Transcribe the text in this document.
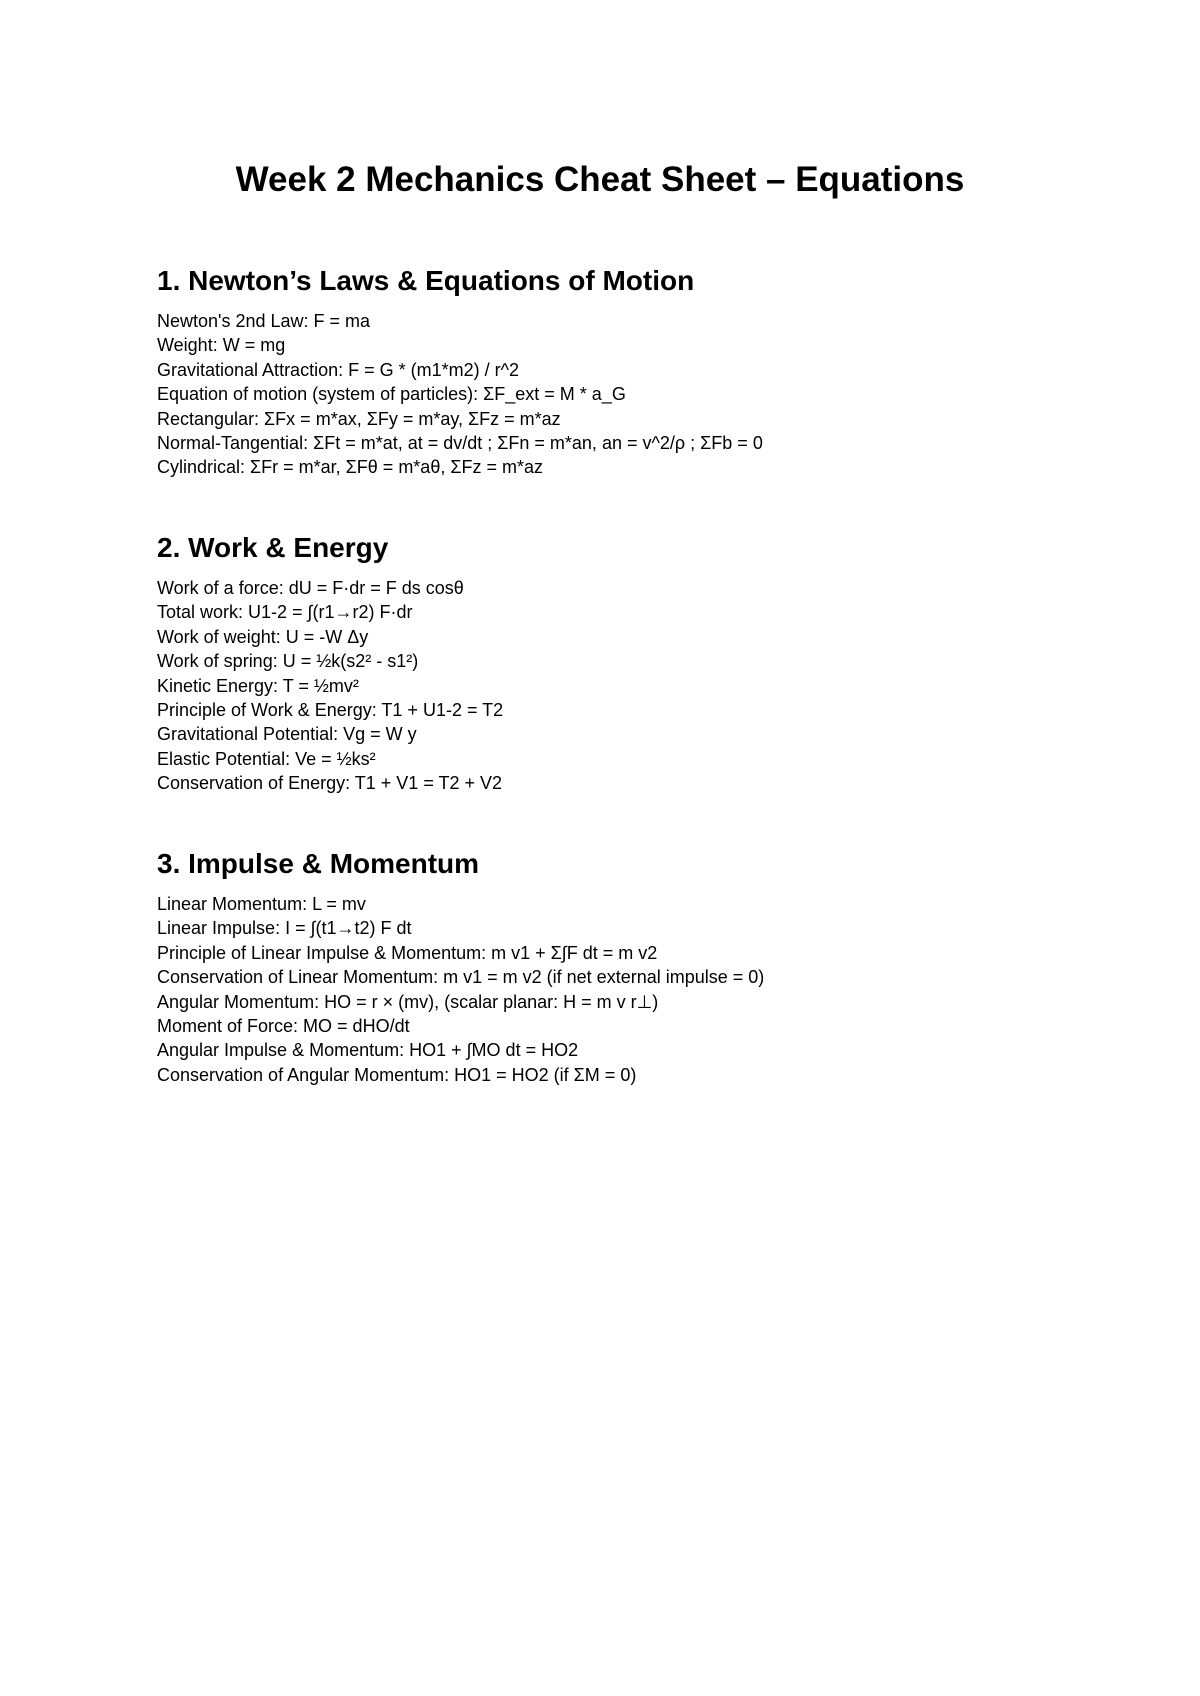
Week 2 Mechanics Cheat Sheet – Equations
1. Newton’s Laws & Equations of Motion
Newton's 2nd Law: F = ma
Weight: W = mg
Gravitational Attraction: F = G * (m1*m2) / r^2
Equation of motion (system of particles): ΣF_ext = M * a_G
Rectangular: ΣFx = m*ax, ΣFy = m*ay, ΣFz = m*az
Normal-Tangential: ΣFt = m*at, at = dv/dt ; ΣFn = m*an, an = v^2/ρ ; ΣFb = 0
Cylindrical: ΣFr = m*ar, ΣFθ = m*aθ, ΣFz = m*az
2. Work & Energy
Work of a force: dU = F·dr = F ds cosθ
Total work: U1-2 = ∫(r1→r2) F·dr
Work of weight: U = -W Δy
Work of spring: U = ½k(s2² - s1²)
Kinetic Energy: T = ½mv²
Principle of Work & Energy: T1 + U1-2 = T2
Gravitational Potential: Vg = W y
Elastic Potential: Ve = ½ks²
Conservation of Energy: T1 + V1 = T2 + V2
3. Impulse & Momentum
Linear Momentum: L = mv
Linear Impulse: I = ∫(t1→t2) F dt
Principle of Linear Impulse & Momentum: m v1 + Σ∫F dt = m v2
Conservation of Linear Momentum: m v1 = m v2 (if net external impulse = 0)
Angular Momentum: HO = r × (mv), (scalar planar: H = m v r⊥)
Moment of Force: MO = dHO/dt
Angular Impulse & Momentum: HO1 + ∫MO dt = HO2
Conservation of Angular Momentum: HO1 = HO2 (if ΣM = 0)
